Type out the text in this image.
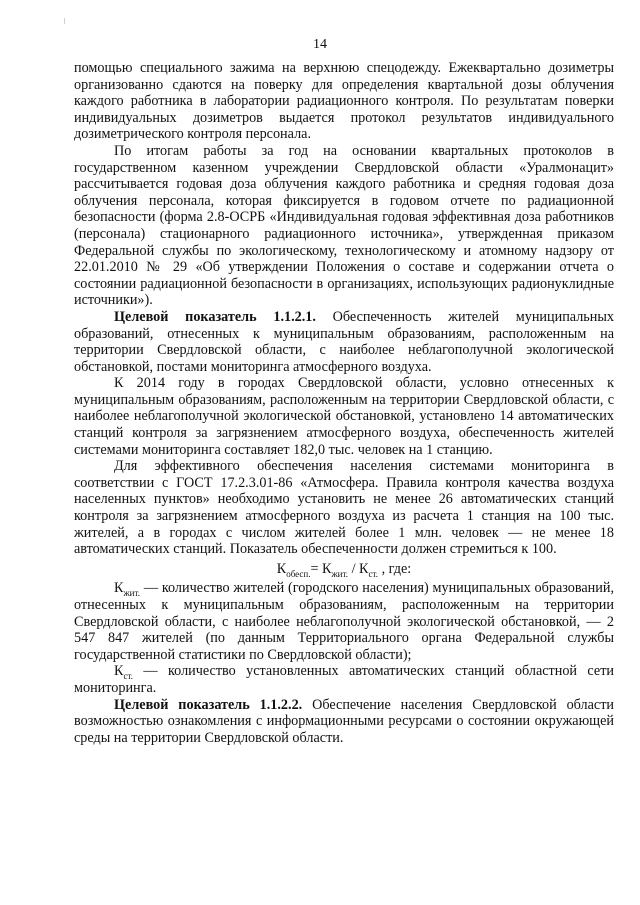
14

помощью специального зажима на верхнюю спецодежду. Ежеквартально дозиметры организованно сдаются на поверку для определения квартальной дозы облучения каждого работника в лаборатории радиационного контроля. По результатам поверки индивидуальных дозиметров выдается протокол результатов индивидуального дозиметрического контроля персонала.

По итогам работы за год на основании квартальных протоколов в государственном казенном учреждении Свердловской области «Уралмонацит» рассчитывается годовая доза облучения каждого работника и средняя годовая доза облучения персонала, которая фиксируется в годовом отчете по радиационной безопасности (форма 2.8-ОСРБ «Индивидуальная годовая эффективная доза работников (персонала) стационарного радиационного источника», утвержденная приказом Федеральной службы по экологическому, технологическому и атомному надзору от 22.01.2010 № 29 «Об утверждении Положения о составе и содержании отчета о состоянии радиационной безопасности в организациях, использующих радионуклидные источники»).

Целевой показатель 1.1.2.1. Обеспеченность жителей муниципальных образований, отнесенных к муниципальным образованиям, расположенным на территории Свердловской области, с наиболее неблагополучной экологической обстановкой, постами мониторинга атмосферного воздуха.

К 2014 году в городах Свердловской области, условно отнесенных к муниципальным образованиям, расположенным на территории Свердловской области, с наиболее неблагополучной экологической обстановкой, установлено 14 автоматических станций контроля за загрязнением атмосферного воздуха, обеспеченность жителей системами мониторинга составляет 182,0 тыс. человек на 1 станцию.

Для эффективного обеспечения населения системами мониторинга в соответствии с ГОСТ 17.2.3.01-86 «Атмосфера. Правила контроля качества воздуха населенных пунктов» необходимо установить не менее 26 автоматических станций контроля за загрязнением атмосферного воздуха из расчета 1 станция на 100 тыс. жителей, а в городах с числом жителей более 1 млн. человек — не менее 18 автоматических станций. Показатель обеспеченности должен стремиться к 100.

$К_{обесп.}= К_{жит.} / К_{ст.}$ , где:

$К_{жит.}$ — количество жителей (городского населения) муниципальных образований, отнесенных к муниципальным образованиям, расположенным на территории Свердловской области, с наиболее неблагополучной экологической обстановкой, — 2 547 847 жителей (по данным Территориального органа Федеральной службы государственной статистики по Свердловской области);

$К_{ст.}$ — количество установленных автоматических станций областной сети мониторинга.

Целевой показатель 1.1.2.2. Обеспечение населения Свердловской области возможностью ознакомления с информационными ресурсами о состоянии окружающей среды на территории Свердловской области.
